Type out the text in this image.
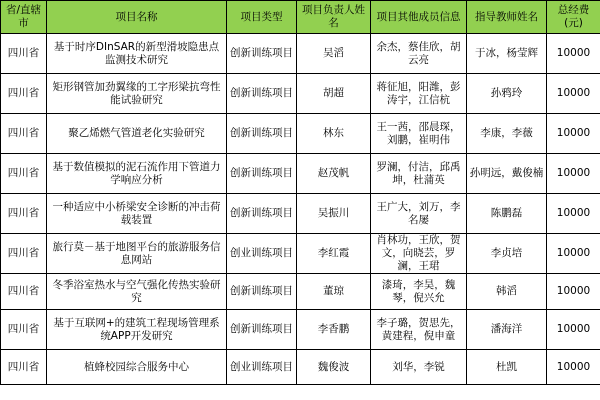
省/直辖市	项目名称	项目类型	项目负责人姓名	项目其他成员信息	指导教师姓名	总经费(元)
四川省	基于时序DInSAR的新型滑坡隐患点监测技术研究	创新训练项目	吴滔	余杰，蔡佳欣，胡云亮	于冰，杨莹辉	10000
四川省	矩形钢管加劲翼缘的工字形梁抗弯性能试验研究	创新训练项目	胡超	蒋征旭，阳潍，彭涛宇，江信杭	孙鸦玲	10000
四川省	聚乙烯燃气管道老化实验研究	创新训练项目	林东	王一茜，邵晨琛，刘鹏，崔明伟	李康，李薇	10000
四川省	基于数值模拟的泥石流作用下管道力学响应分析	创新训练项目	赵茂帆	罗澜，付洁，邱禹坤，杜蒲英	孙明远，戴俊楠	10000
四川省	一种适应中小桥梁安全诊断的冲击荷载装置	创新训练项目	吴振川	王广大，刘万，李名屡	陈鹏磊	10000
四川省	旅行莫－基于地图平台的旅游服务信息网站	创业训练项目	李红霞	肖林功，王欣，贺文，向晓芸，罗澜，王珺	李贞培	10000
四川省	冬季浴室热水与空气强化传热实验研究	创新训练项目	董琼	漆琦，李昊，魏琴，倪兴允	韩滔	10000
四川省	基于互联网+的建筑工程现场管理系统APP开发研究	创新训练项目	李香鹏	李子璐，贺思先，黄建程，倪申童	潘海洋	10000
四川省	植蜂校园综合服务中心	创业训练项目	魏俊波	刘华，李锐	杜凯	10000
